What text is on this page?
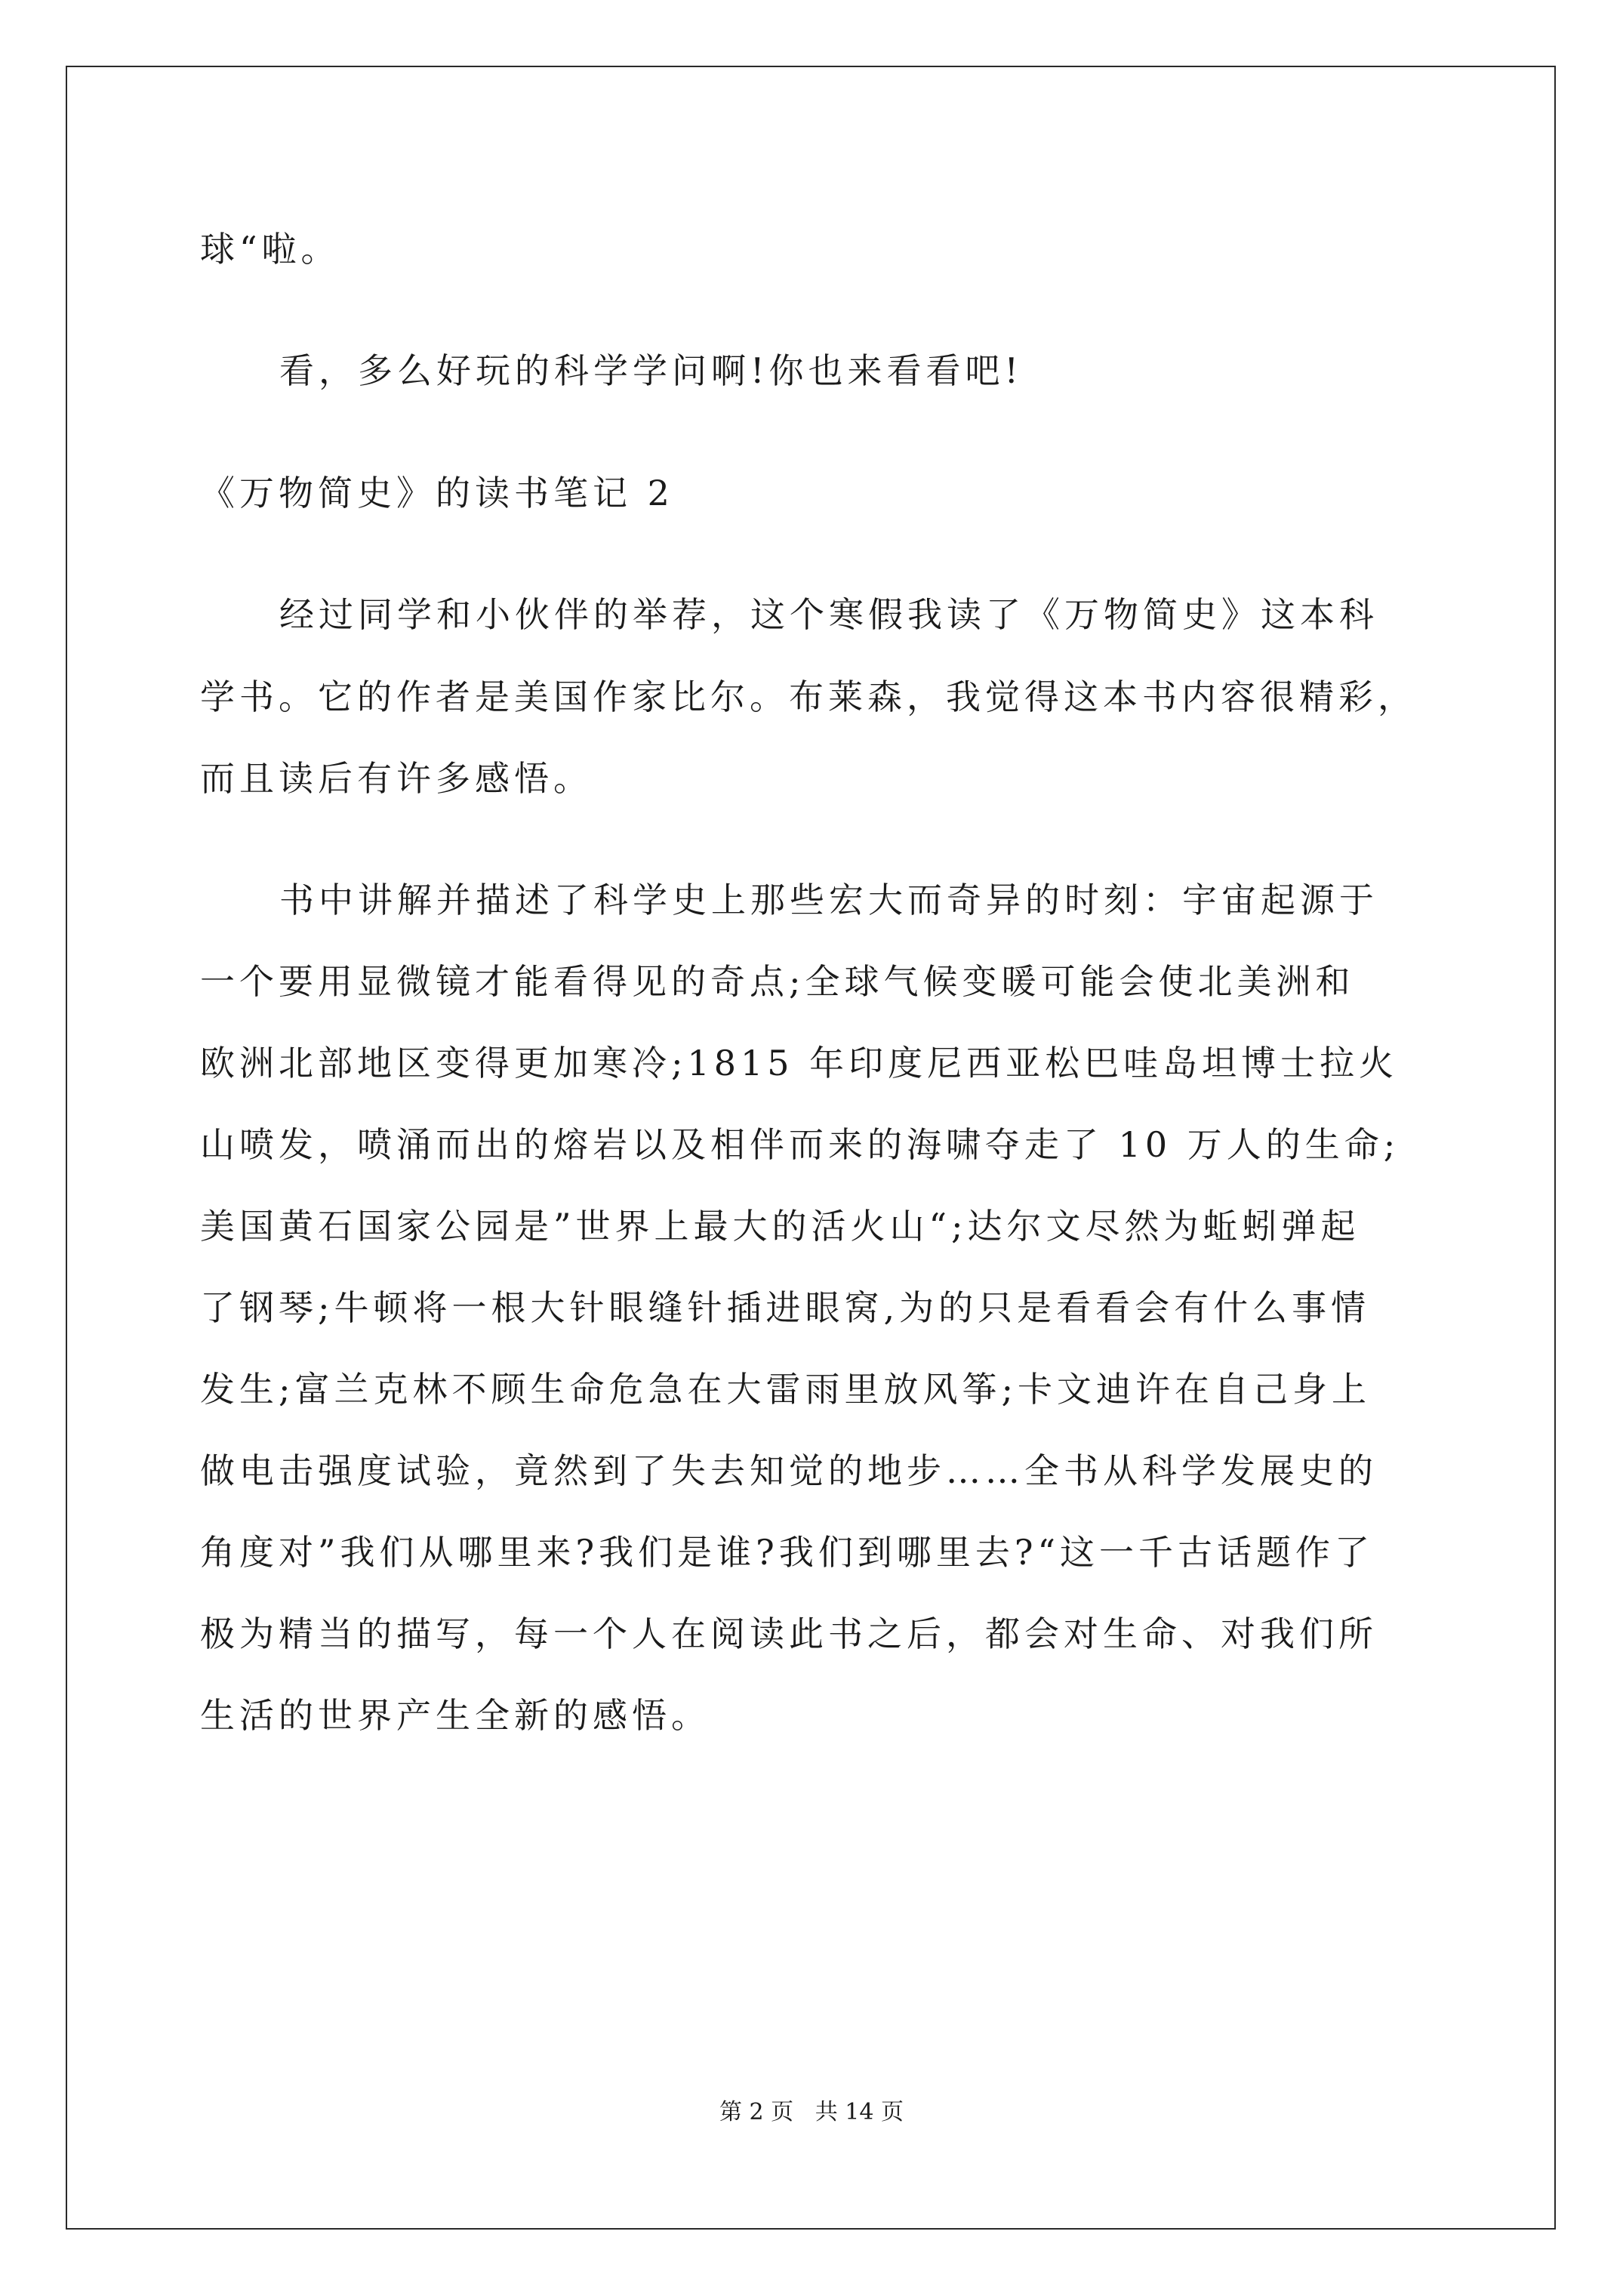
球“啦。
看，多么好玩的科学学问啊!你也来看看吧!
《万物简史》的读书笔记 2
经过同学和小伙伴的举荐，这个寒假我读了《万物简史》这本科
学书。它的作者是美国作家比尔。布莱森，我觉得这本书内容很精彩，
而且读后有许多感悟。
书中讲解并描述了科学史上那些宏大而奇异的时刻：宇宙起源于
一个要用显微镜才能看得见的奇点;全球气候变暖可能会使北美洲和
欧洲北部地区变得更加寒冷;1815 年印度尼西亚松巴哇岛坦博士拉火
山喷发，喷涌而出的熔岩以及相伴而来的海啸夺走了 10 万人的生命;
美国黄石国家公园是”世界上最大的活火山“;达尔文尽然为蚯蚓弹起
了钢琴;牛顿将一根大针眼缝针插进眼窝,为的只是看看会有什么事情
发生;富兰克林不顾生命危急在大雷雨里放风筝;卡文迪许在自己身上
做电击强度试验，竟然到了失去知觉的地步……全书从科学发展史的
角度对”我们从哪里来?我们是谁?我们到哪里去?“这一千古话题作了
极为精当的描写，每一个人在阅读此书之后，都会对生命、对我们所
生活的世界产生全新的感悟。
第 2 页   共 14 页
